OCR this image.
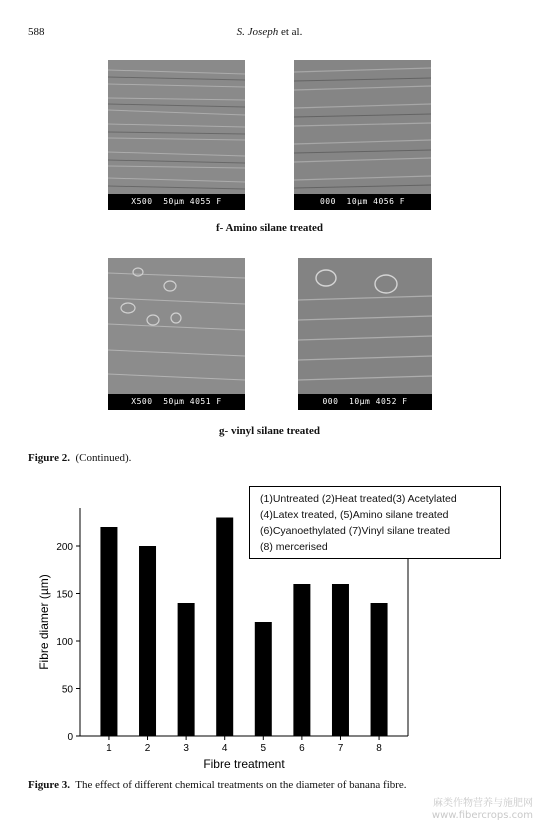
588	S. Joseph et al.
X500  50µm 4055 F	000  10µm 4056 F
f- Amino silane treated
X500  50µm 4051 F	000  10µm 4052 F
g- vinyl silane treated
Figure 2. (Continued).
0
50
100
150
200
1	2	3	4	5	6	7	8
Fibre treatment
Fibre diamer (µm)
(1)Untreated (2)Heat treated(3) Acetylated
(4)Latex treated, (5)Amino silane treated
(6)Cyanoethylated (7)Vinyl silane treated
(8) mercerised
Figure 3. The effect of different chemical treatments on the diameter of banana fibre.
麻类作物营养与施肥网
www.fibercrops.com
